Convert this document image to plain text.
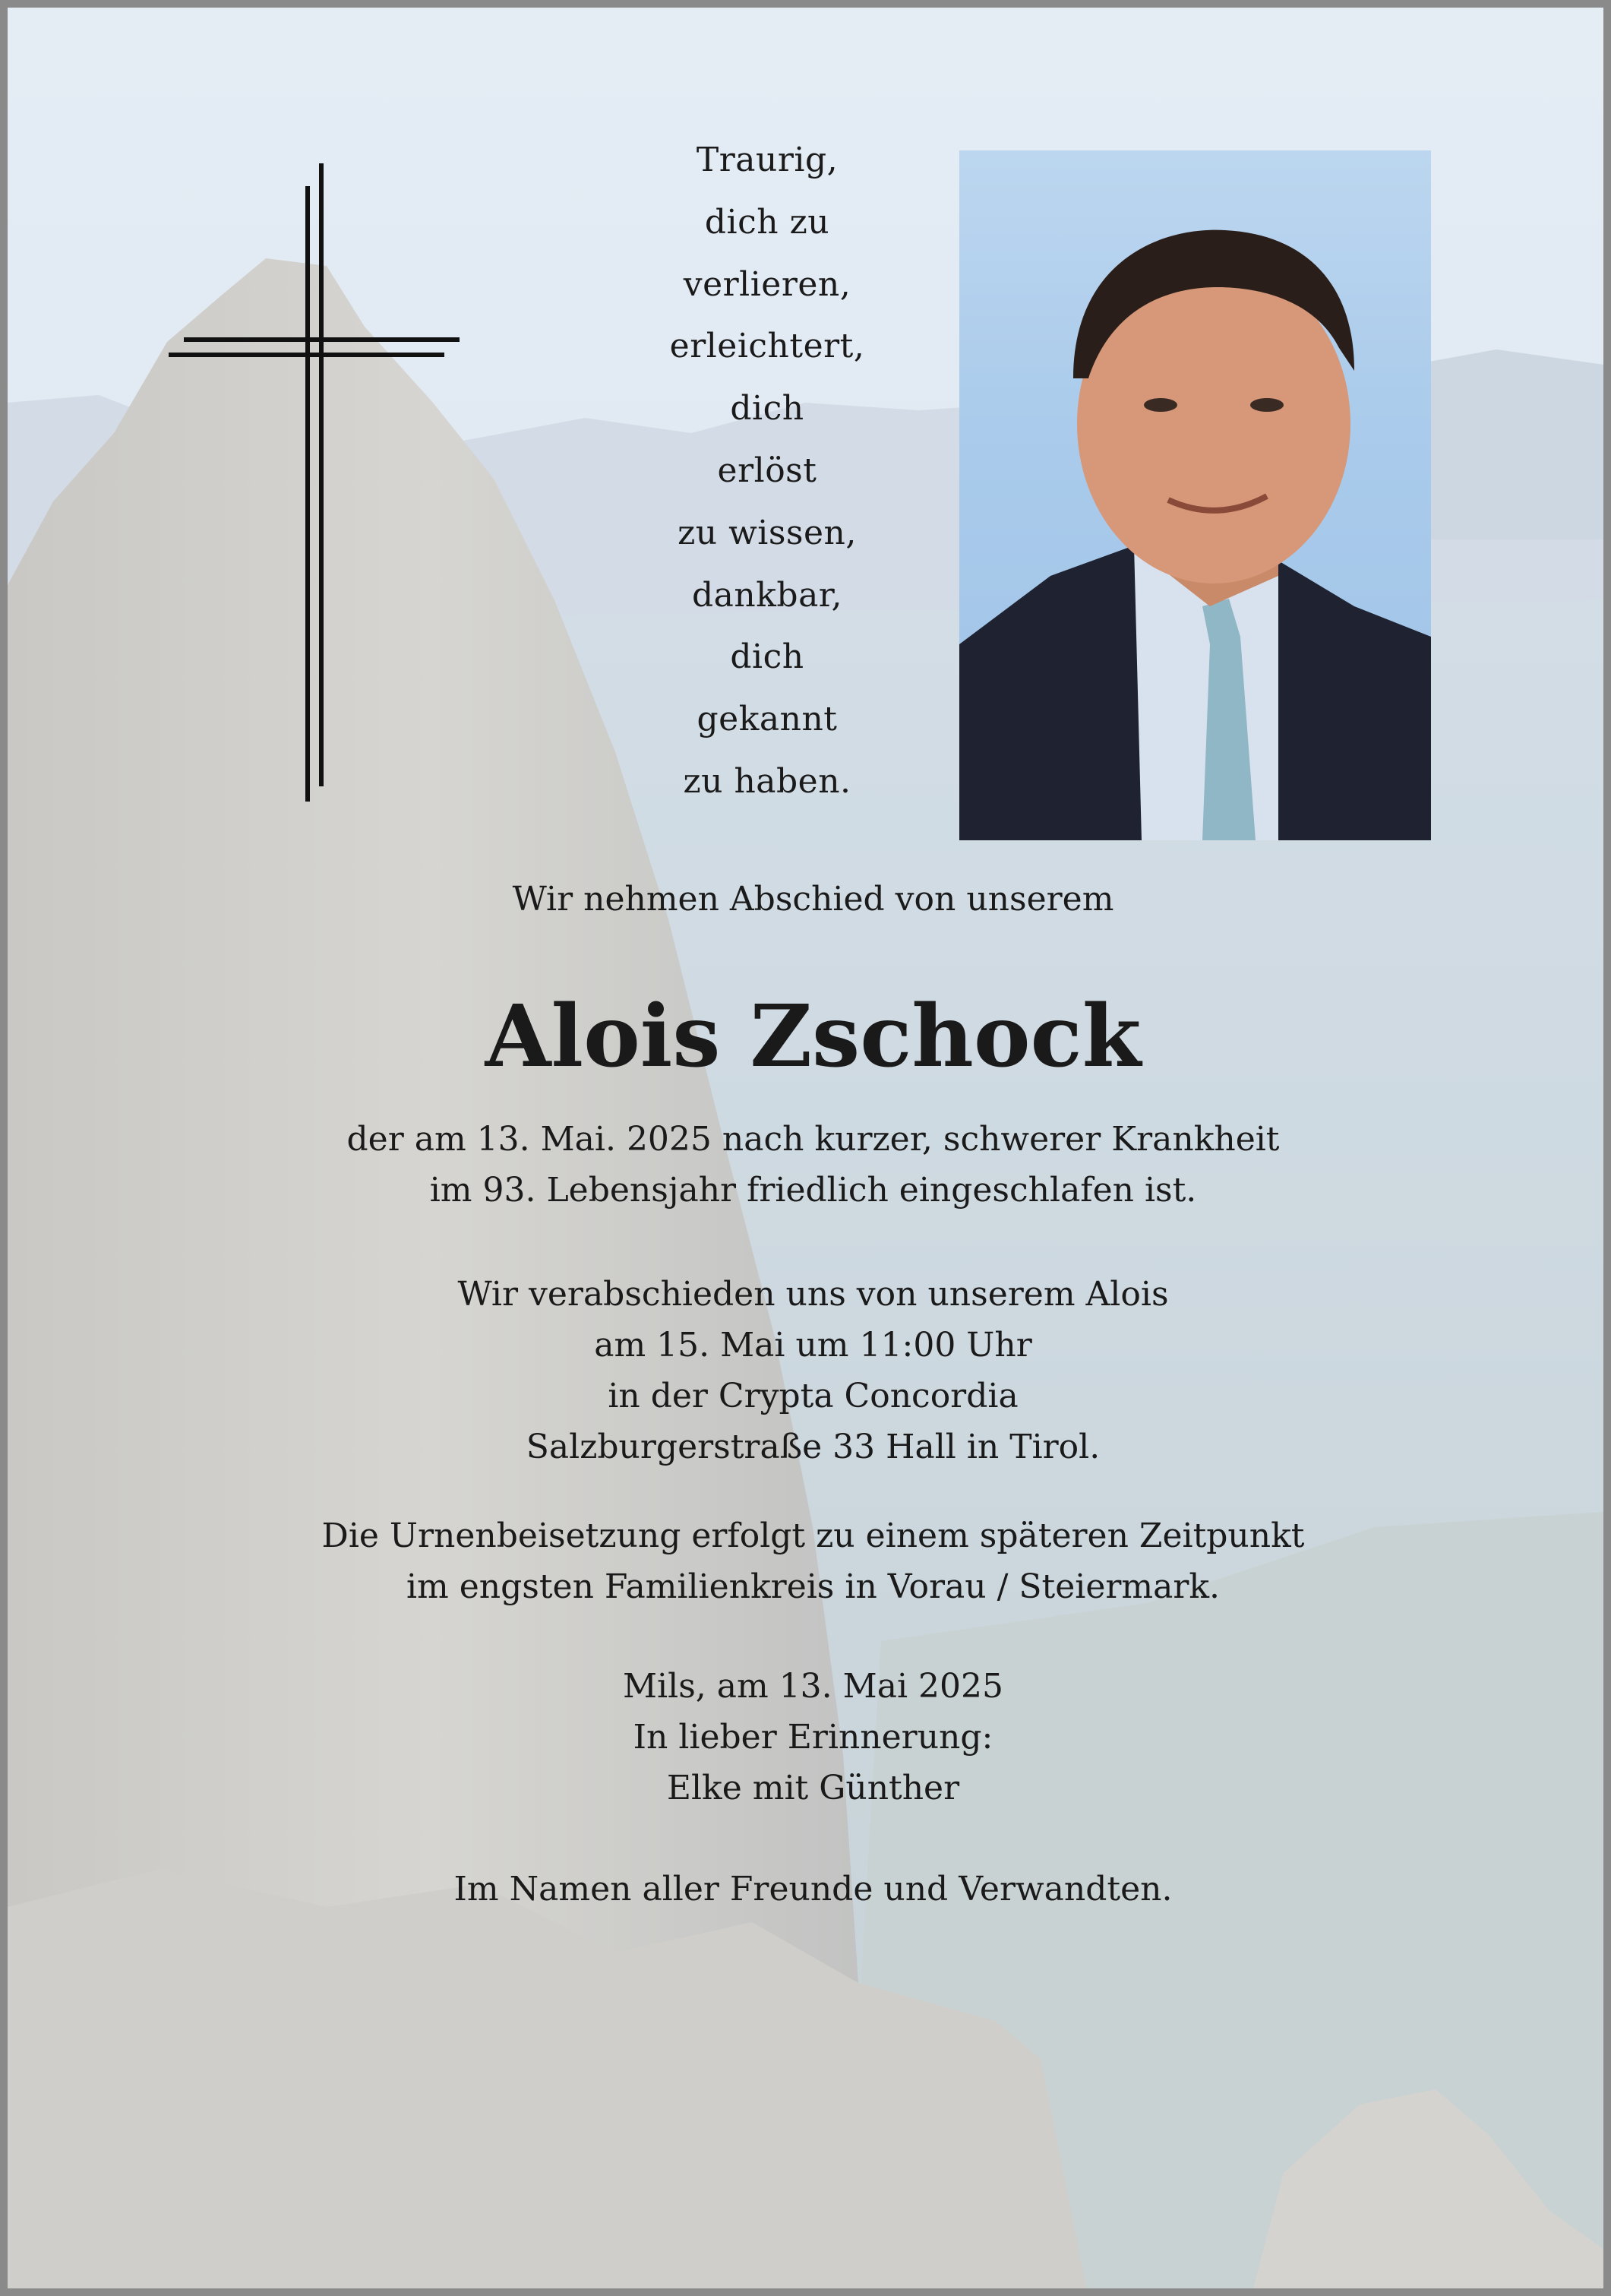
Traurig,
dich zu
verlieren,
erleichtert,
dich
erlöst
zu wissen,
dankbar,
dich
gekannt
zu haben.
Wir nehmen Abschied von unserem
Alois Zschock
der am 13. Mai. 2025 nach kurzer, schwerer Krankheit
im 93. Lebensjahr friedlich eingeschlafen ist.
Wir verabschieden uns von unserem Alois
am 15. Mai um 11:00 Uhr
in der Crypta Concordia
Salzburgerstraße 33 Hall in Tirol.
Die Urnenbeisetzung erfolgt zu einem späteren Zeitpunkt
im engsten Familienkreis in Vorau / Steiermark.
Mils, am 13. Mai 2025
In lieber Erinnerung:
Elke mit Günther
Im Namen aller Freunde und Verwandten.
